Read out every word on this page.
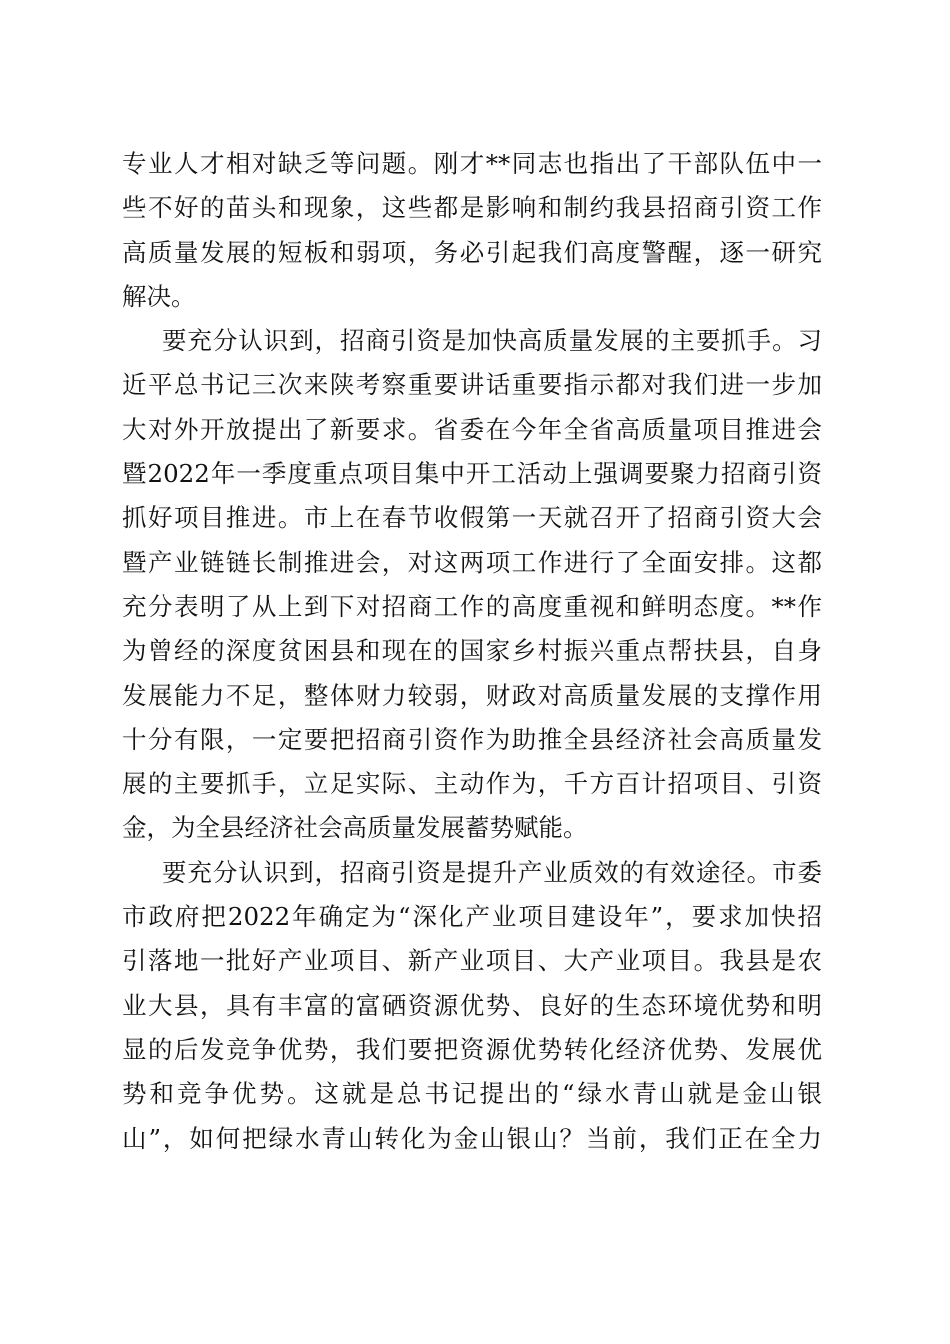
专业人才相对缺乏等问题。刚才**同志也指出了干部队伍中一
些不好的苗头和现象，这些都是影响和制约我县招商引资工作
高质量发展的短板和弱项，务必引起我们高度警醒，逐一研究
解决。
要充分认识到，招商引资是加快高质量发展的主要抓手。习
近平总书记三次来陕考察重要讲话重要指示都对我们进一步加
大对外开放提出了新要求。省委在今年全省高质量项目推进会
暨2022年一季度重点项目集中开工活动上强调要聚力招商引资
抓好项目推进。市上在春节收假第一天就召开了招商引资大会
暨产业链链长制推进会，对这两项工作进行了全面安排。这都
充分表明了从上到下对招商工作的高度重视和鲜明态度。**作
为曾经的深度贫困县和现在的国家乡村振兴重点帮扶县，自身
发展能力不足，整体财力较弱，财政对高质量发展的支撑作用
十分有限，一定要把招商引资作为助推全县经济社会高质量发
展的主要抓手，立足实际、主动作为，千方百计招项目、引资
金，为全县经济社会高质量发展蓄势赋能。
要充分认识到，招商引资是提升产业质效的有效途径。市委
市政府把2022年确定为“深化产业项目建设年”，要求加快招
引落地一批好产业项目、新产业项目、大产业项目。我县是农
业大县，具有丰富的富硒资源优势、良好的生态环境优势和明
显的后发竞争优势，我们要把资源优势转化经济优势、发展优
势和竞争优势。这就是总书记提出的“绿水青山就是金山银
山”，如何把绿水青山转化为金山银山？当前，我们正在全力
